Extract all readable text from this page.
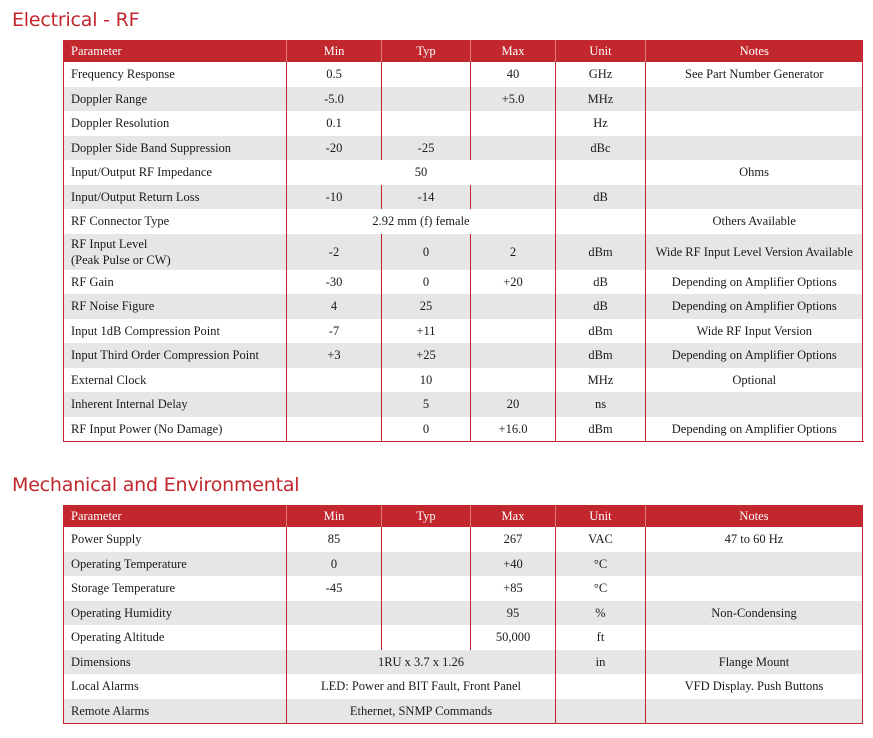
Electrical - RF
Parameter	Min	Typ	Max	Unit	Notes	
Frequency Response	0.5		40	GHz	See Part Number Generator	
Doppler Range	-5.0		+5.0	MHz		
Doppler Resolution	0.1			Hz		
Doppler Side Band Suppression	-20	-25		dBc		
Input/Output RF Impedance	50				Ohms	
Input/Output Return Loss	-10	-14		dB		
RF Connector Type	2.92 mm (f) female				Others Available	
RF Input Level
(Peak Pulse or CW)	-2	0	2	dBm	Wide RF Input Level Version Available	
RF Gain	-30	0	+20	dB	Depending on Amplifier Options	
RF Noise Figure	4	25		dB	Depending on Amplifier Options	
Input 1dB Compression Point	-7	+11		dBm	Wide RF Input Version	
Input Third Order Compression Point	+3	+25		dBm	Depending on Amplifier Options	
External Clock		10		MHz	Optional	
Inherent Internal Delay		5	20	ns		
RF Input Power (No Damage)		0	+16.0	dBm	Depending on Amplifier Options	
Mechanical and Environmental
Parameter	Min	Typ	Max	Unit	Notes
Power Supply	85		267	VAC	47 to 60 Hz
Operating Temperature	0		+40	°C	
Storage Temperature	-45		+85	°C	
Operating Humidity			95	%	Non-Condensing
Operating Altitude			50,000	ft	
Dimensions	1RU x 3.7 x 1.26			in	Flange Mount
Local Alarms	LED: Power and BIT Fault, Front Panel				VFD Display. Push Buttons
Remote Alarms	Ethernet, SNMP Commands				
